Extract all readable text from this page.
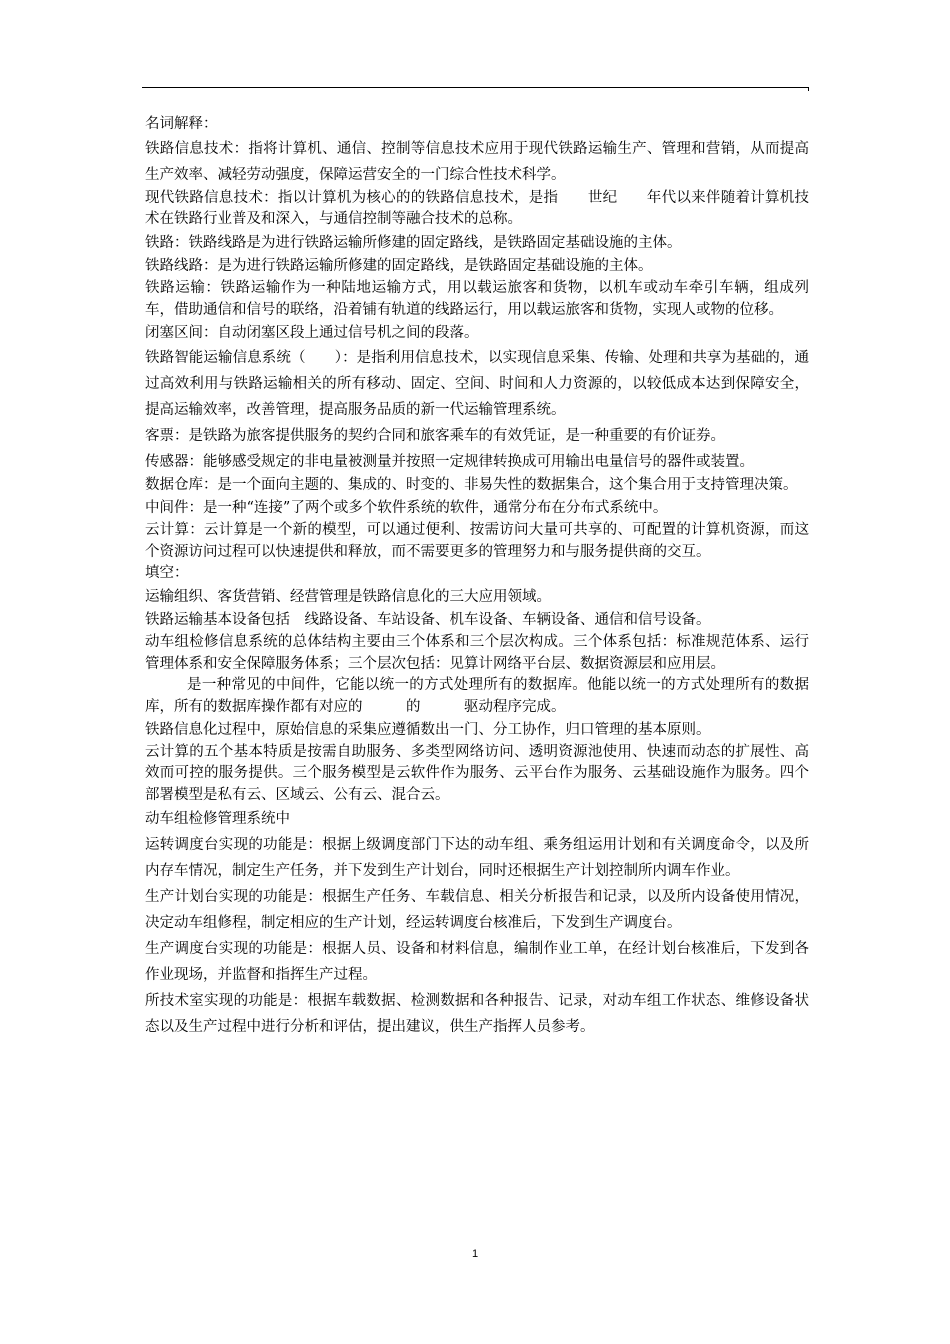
名词解释：

铁路信息技术：指将计算机、通信、控制等信息技术应用于现代铁路运输生产、管理和营销，从而提高生产效率、减轻劳动强度，保障运营安全的一门综合性技术科学。

现代铁路信息技术：指以计算机为核心的的铁路信息技术，是指　　世纪　　年代以来伴随着计算机技术在铁路行业普及和深入，与通信控制等融合技术的总称。

铁路：铁路线路是为进行铁路运输所修建的固定路线，是铁路固定基础设施的主体。

铁路线路：是为进行铁路运输所修建的固定路线，是铁路固定基础设施的主体。

铁路运输：铁路运输作为一种陆地运输方式，用以载运旅客和货物，以机车或动车牵引车辆，组成列车，借助通信和信号的联络，沿着铺有轨道的线路运行，用以载运旅客和货物，实现人或物的位移。

闭塞区间：自动闭塞区段上通过信号机之间的段落。

铁路智能运输信息系统（　　）：是指利用信息技术，以实现信息采集、传输、处理和共享为基础的，通过高效利用与铁路运输相关的所有移动、固定、空间、时间和人力资源的，以较低成本达到保障安全，提高运输效率，改善管理，提高服务品质的新一代运输管理系统。

客票：是铁路为旅客提供服务的契约合同和旅客乘车的有效凭证，是一种重要的有价证券。

传感器：能够感受规定的非电量被测量并按照一定规律转换成可用输出电量信号的器件或装置。

数据仓库：是一个面向主题的、集成的、时变的、非易失性的数据集合，这个集合用于支持管理决策。

中间件：是一种“连接”了两个或多个软件系统的软件，通常分布在分布式系统中。

云计算：云计算是一个新的模型，可以通过便利、按需访问大量可共享的、可配置的计算机资源，而这个资源访问过程可以快速提供和释放，而不需要更多的管理努力和与服务提供商的交互。

填空：

运输组织、客货营销、经营管理是铁路信息化的三大应用领域。

铁路运输基本设备包括　线路设备、车站设备、机车设备、车辆设备、通信和信号设备。

动车组检修信息系统的总体结构主要由三个体系和三个层次构成。三个体系包括：标准规范体系、运行管理体系和安全保障服务体系；三个层次包括：见算计网络平台层、数据资源层和应用层。

是一种常见的中间件，它能以统一的方式处理所有的数据库。他能以统一的方式处理所有的数据库，所有的数据库操作都有对应的　　　的　　　驱动程序完成。

铁路信息化过程中，原始信息的采集应遵循数出一门、分工协作，归口管理的基本原则。

云计算的五个基本特质是按需自助服务、多类型网络访问、透明资源池使用、快速而动态的扩展性、高效而可控的服务提供。三个服务模型是云软件作为服务、云平台作为服务、云基础设施作为服务。四个部署模型是私有云、区域云、公有云、混合云。

动车组检修管理系统中

运转调度台实现的功能是：根据上级调度部门下达的动车组、乘务组运用计划和有关调度命令，以及所内存车情况，制定生产任务，并下发到生产计划台，同时还根据生产计划控制所内调车作业。

生产计划台实现的功能是：根据生产任务、车载信息、相关分析报告和记录，以及所内设备使用情况，决定动车组修程，制定相应的生产计划，经运转调度台核准后，下发到生产调度台。

生产调度台实现的功能是：根据人员、设备和材料信息，编制作业工单，在经计划台核准后，下发到各作业现场，并监督和指挥生产过程。

所技术室实现的功能是：根据车载数据、检测数据和各种报告、记录，对动车组工作状态、维修设备状态以及生产过程中进行分析和评估，提出建议，供生产指挥人员参考。

1
